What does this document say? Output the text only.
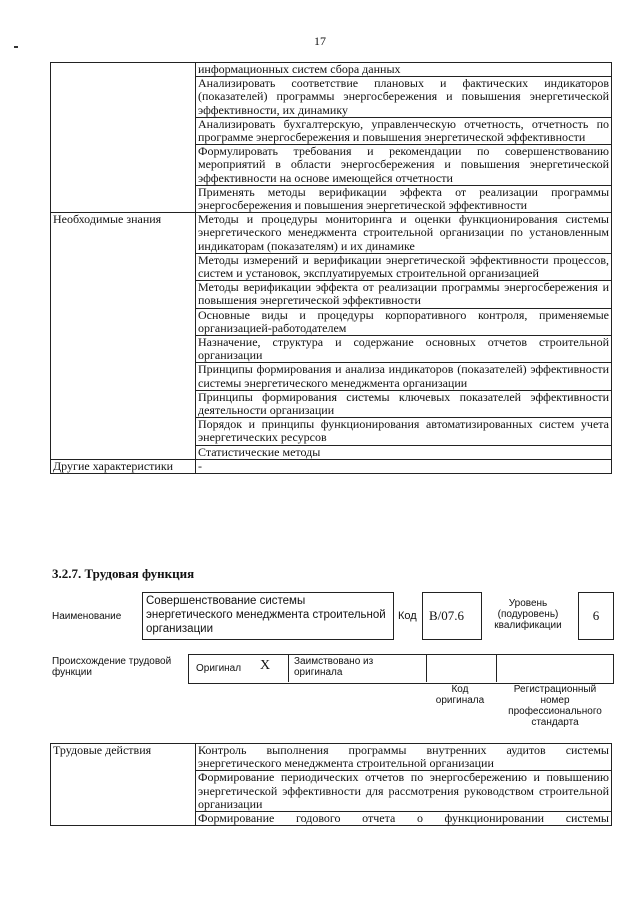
17
	информационных систем сбора данных
	Анализировать соответствие плановых и фактических индикаторов (показателей) программы энергосбережения и повышения энергетической эффективности, их динамику
	Анализировать бухгалтерскую, управленческую отчетность, отчетность по программе энергосбережения и повышения энергетической эффективности
	Формулировать требования и рекомендации по совершенствованию мероприятий в области энергосбережения и повышения энергетической эффективности на основе имеющейся отчетности
	Применять методы верификации эффекта от реализации программы энергосбережения и повышения энергетической эффективности
Необходимые знания	Методы и процедуры мониторинга и оценки функционирования системы энергетического менеджмента строительной организации по установленным индикаторам (показателям) и их динамике
	Методы измерений и верификации энергетической эффективности процессов, систем и установок, эксплуатируемых строительной организацией
	Методы верификации эффекта от реализации программы энергосбережения и повышения энергетической эффективности
	Основные виды и процедуры корпоративного контроля, применяемые организацией-работодателем
	Назначение, структура и содержание основных отчетов строительной организации
	Принципы формирования и анализа индикаторов (показателей) эффективности системы энергетического менеджмента организации
	Принципы формирования системы ключевых показателей эффективности деятельности организации
	Порядок и принципы функционирования автоматизированных систем учета энергетических ресурсов
	Статистические методы
Другие характеристики	-
3.2.7. Трудовая функция
Наименование
Совершенствование системы энергетического менеджмента строительной организации
Код B/07.6
Уровень (подуровень) квалификации
6
Происхождение трудовой функции	Оригинал X Заимствовано из оригинала
Код оригинала
Регистрационный номер профессионального стандарта
Трудовые действия	Контроль выполнения программы внутренних аудитов системы энергетического менеджмента строительной организации
Формирование периодических отчетов по энергосбережению и повышению энергетической эффективности для рассмотрения руководством строительной организации
Формирование годового отчета о функционировании системы
